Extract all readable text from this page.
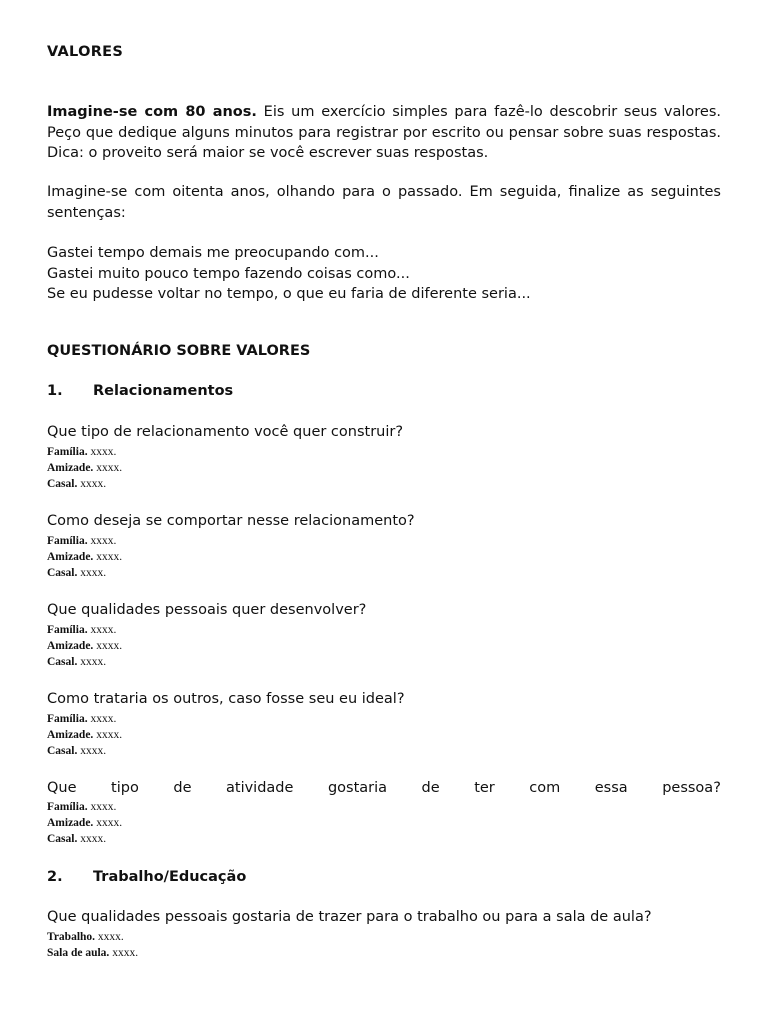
VALORES
Imagine-se com 80 anos. Eis um exercício simples para fazê-lo descobrir seus valores. Peço que dedique alguns minutos para registrar por escrito ou pensar sobre suas respostas. Dica: o proveito será maior se você escrever suas respostas.
Imagine-se com oitenta anos, olhando para o passado. Em seguida, finalize as seguintes sentenças:
Gastei tempo demais me preocupando com...
Gastei muito pouco tempo fazendo coisas como...
Se eu pudesse voltar no tempo, o que eu faria de diferente seria...
QUESTIONÁRIO SOBRE VALORES
1. Relacionamentos
Que tipo de relacionamento você quer construir?
Família. xxxx.
Amizade. xxxx.
Casal. xxxx.
Como deseja se comportar nesse relacionamento?
Família. xxxx.
Amizade. xxxx.
Casal. xxxx.
Que qualidades pessoais quer desenvolver?
Família. xxxx.
Amizade. xxxx.
Casal. xxxx.
Como trataria os outros, caso fosse seu eu ideal?
Família. xxxx.
Amizade. xxxx.
Casal. xxxx.
Que tipo de atividade gostaria de ter com essa pessoa?
Família. xxxx.
Amizade. xxxx.
Casal. xxxx.
2. Trabalho/Educação
Que qualidades pessoais gostaria de trazer para o trabalho ou para a sala de aula?
Trabalho. xxxx.
Sala de aula. xxxx.
